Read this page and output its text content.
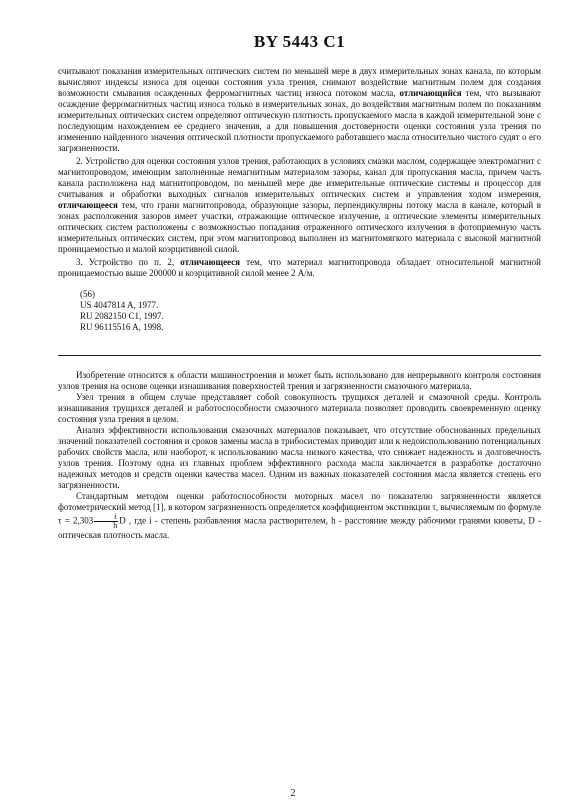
BY 5443 C1

считывают показания измерительных оптических систем по меньшей мере в двух измерительных зонах канала, по которым вычисляют индексы износа для оценки состояния узла трения, снимают воздействие магнитным полем для создания возможности смывания осажденных ферромагнитных частиц износа потоком масла, отличающийся тем, что вызывают осаждение ферромагнитных частиц износа только в измерительных зонах, до воздействия магнитным полем по показаниям измерительных оптических систем определяют оптическую плотность пропускаемого масла в каждой измерительной зоне с последующим нахождением ее среднего значения, а для повышения достоверности оценки состояния узла трения по изменению найденного значения оптической плотности пропускаемого работавшего масла относительно чистого судят о его загрязненности.

2. Устройство для оценки состояния узлов трения, работающих в условиях смазки маслом, содержащее электромагнит с магнитопроводом, имеющим заполненные немагнитным материалом зазоры, канал для пропускания масла, причем часть канала расположена над магнитопроводом, по меньшей мере две измерительные оптические системы и процессор для считывания и обработки выходных сигналов измерительных оптических систем и управления ходом измерения, отличающееся тем, что грани магнитопровода, образующие зазоры, перпендикулярны потоку масла в канале, который в зонах расположения зазоров имеет участки, отражающие оптическое излучение, а оптические элементы измерительных оптических систем расположены с возможностью попадания отраженного оптического излучения в фотоприемную часть измерительных оптических систем, при этом магнитопровод выполнен из магнитомягкого материала с высокой магнитной проницаемостью и малой коэрцитивной силой.

3. Устройство по п. 2, отличающееся тем, что материал магнитопровода обладает относительной магнитной проницаемостью выше 200000 и коэрцитивной силой менее 2 А/м.

(56)
US 4047814 A, 1977.
RU 2082150 C1, 1997.
RU 96115516 A, 1998.

Изобретение относится к области машиностроения и может быть использовано для непрерывного контроля состояния узлов трения на основе оценки изнашивания поверхностей трения и загрязненности смазочного материала.

Узел трения в общем случае представляет собой совокупность трущихся деталей и смазочной среды. Контроль изнашивания трущихся деталей и работоспособности смазочного материала позволяет проводить своевременную оценку состояния узла трения в целом.

Анализ эффективности использования смазочных материалов показывает, что отсутствие обоснованных предельных значений показателей состояния и сроков замены масла в трибосистемах приводит или к недоиспользованию потенциальных рабочих свойств масла, или наоборот, к использованию масла низкого качества, что снижает надежность и долговечность узлов трения. Поэтому одна из главных проблем эффективного расхода масла заключается в разработке достаточно надежных методов и средств оценки качества масел. Одним из важных показателей состояния масла является степень его загрязненности.

Стандартным методом оценки работоспособности моторных масел по показателю загрязненности является фотометрический метод [1], в котором загрязненность определяется коэффициентом экстинкции τ, вычисляемым по формуле $\tau = 2,303 \frac{i}{h}$ D , где i - степень разбавления масла растворителем, h - расстояние между рабочими гранями кюветы, D - оптическая плотность масла.

2
